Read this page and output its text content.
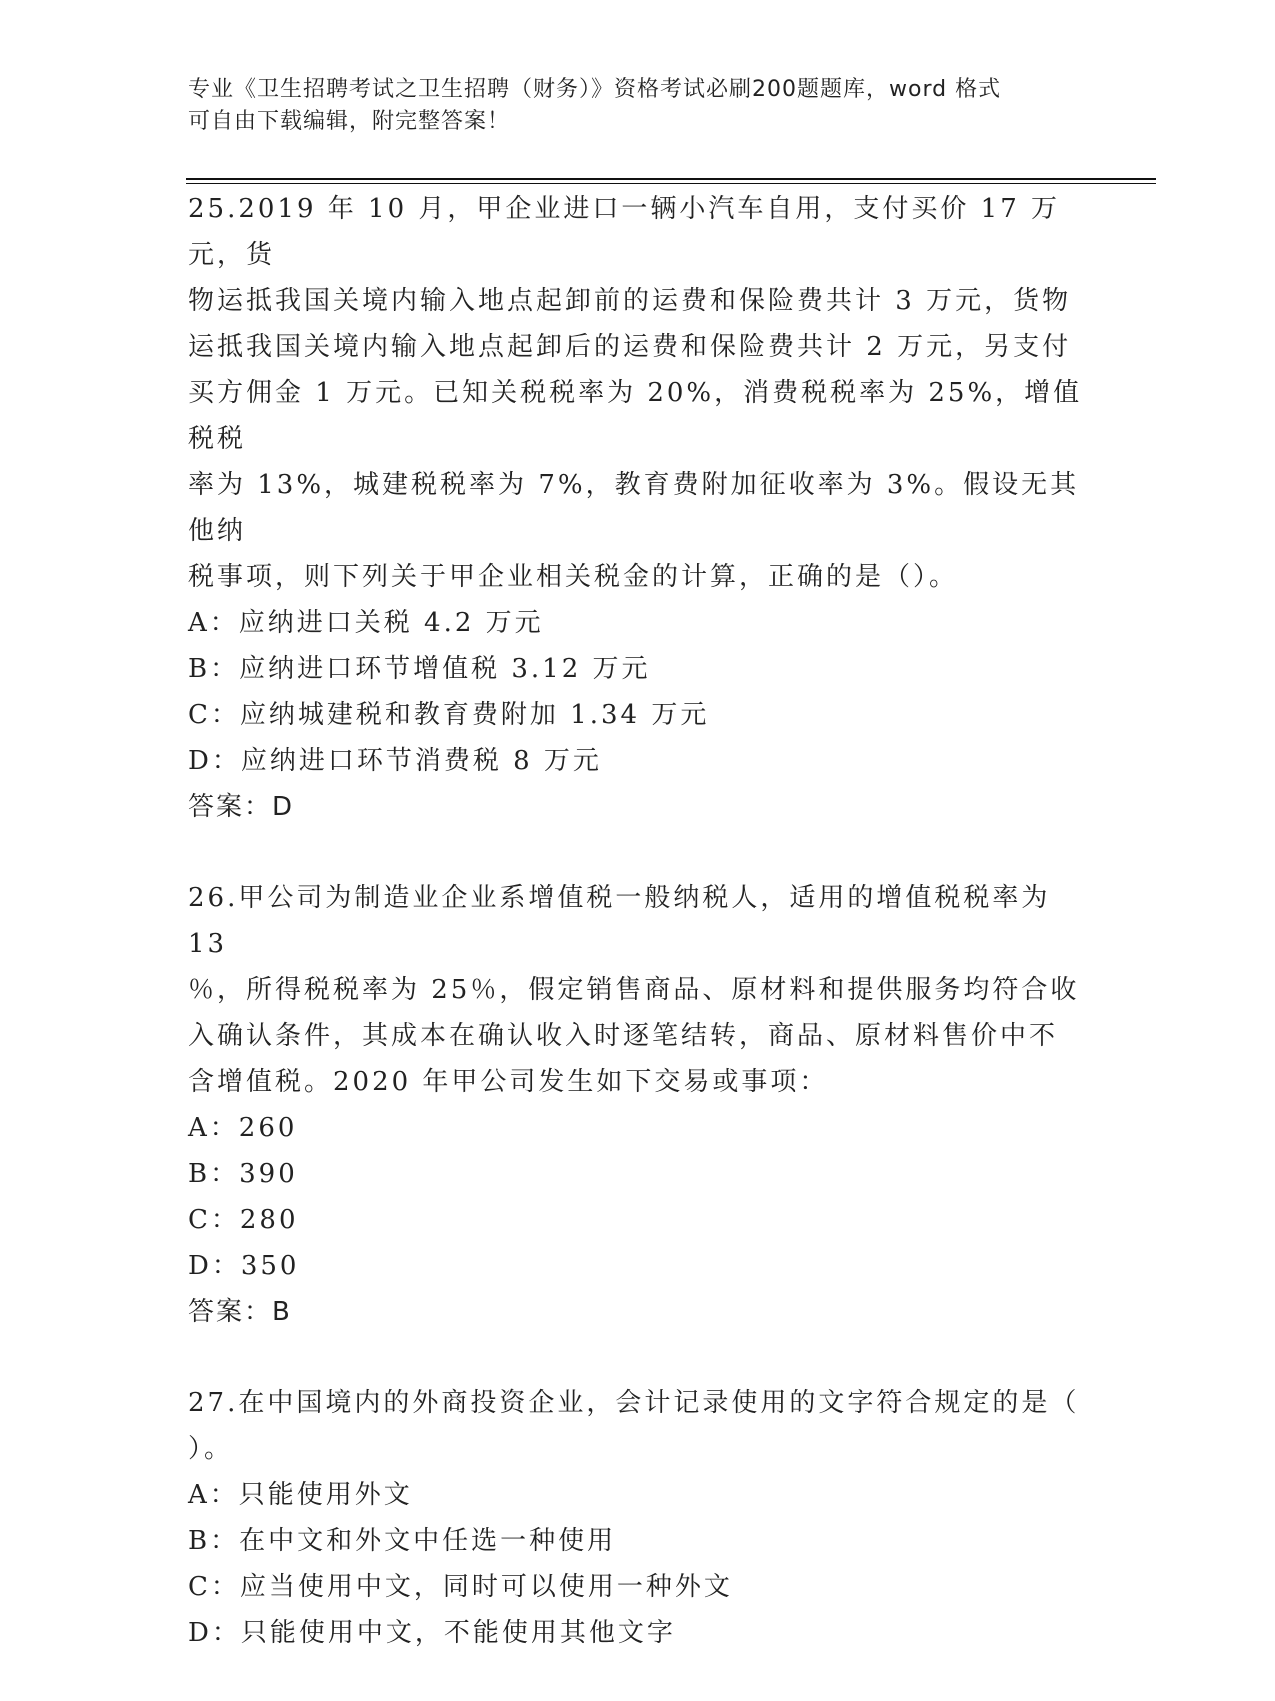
专业《卫生招聘考试之卫生招聘（财务）》资格考试必刷200题题库，word 格式
可自由下载编辑，附完整答案！
25.2019 年 10 月，甲企业进口一辆小汽车自用，支付买价 17 万元，货
物运抵我国关境内输入地点起卸前的运费和保险费共计 3 万元，货物
运抵我国关境内输入地点起卸后的运费和保险费共计 2 万元，另支付
买方佣金 1 万元。已知关税税率为 20%，消费税税率为 25%，增值税税
率为 13%，城建税税率为 7%，教育费附加征收率为 3%。假设无其他纳
税事项，则下列关于甲企业相关税金的计算，正确的是（）。
A：应纳进口关税 4.2 万元
B：应纳进口环节增值税 3.12 万元
C：应纳城建税和教育费附加 1.34 万元
D：应纳进口环节消费税 8 万元
答案：D
26.甲公司为制造业企业系增值税一般纳税人，适用的增值税税率为 13
％，所得税税率为 25％，假定销售商品、原材料和提供服务均符合收
入确认条件，其成本在确认收入时逐笔结转，商品、原材料售价中不
含增值税。2020 年甲公司发生如下交易或事项：
A：260
B：390
C：280
D：350
答案：B
27.在中国境内的外商投资企业，会计记录使用的文字符合规定的是（
）。
A：只能使用外文
B：在中文和外文中任选一种使用
C：应当使用中文，同时可以使用一种外文
D：只能使用中文，不能使用其他文字
